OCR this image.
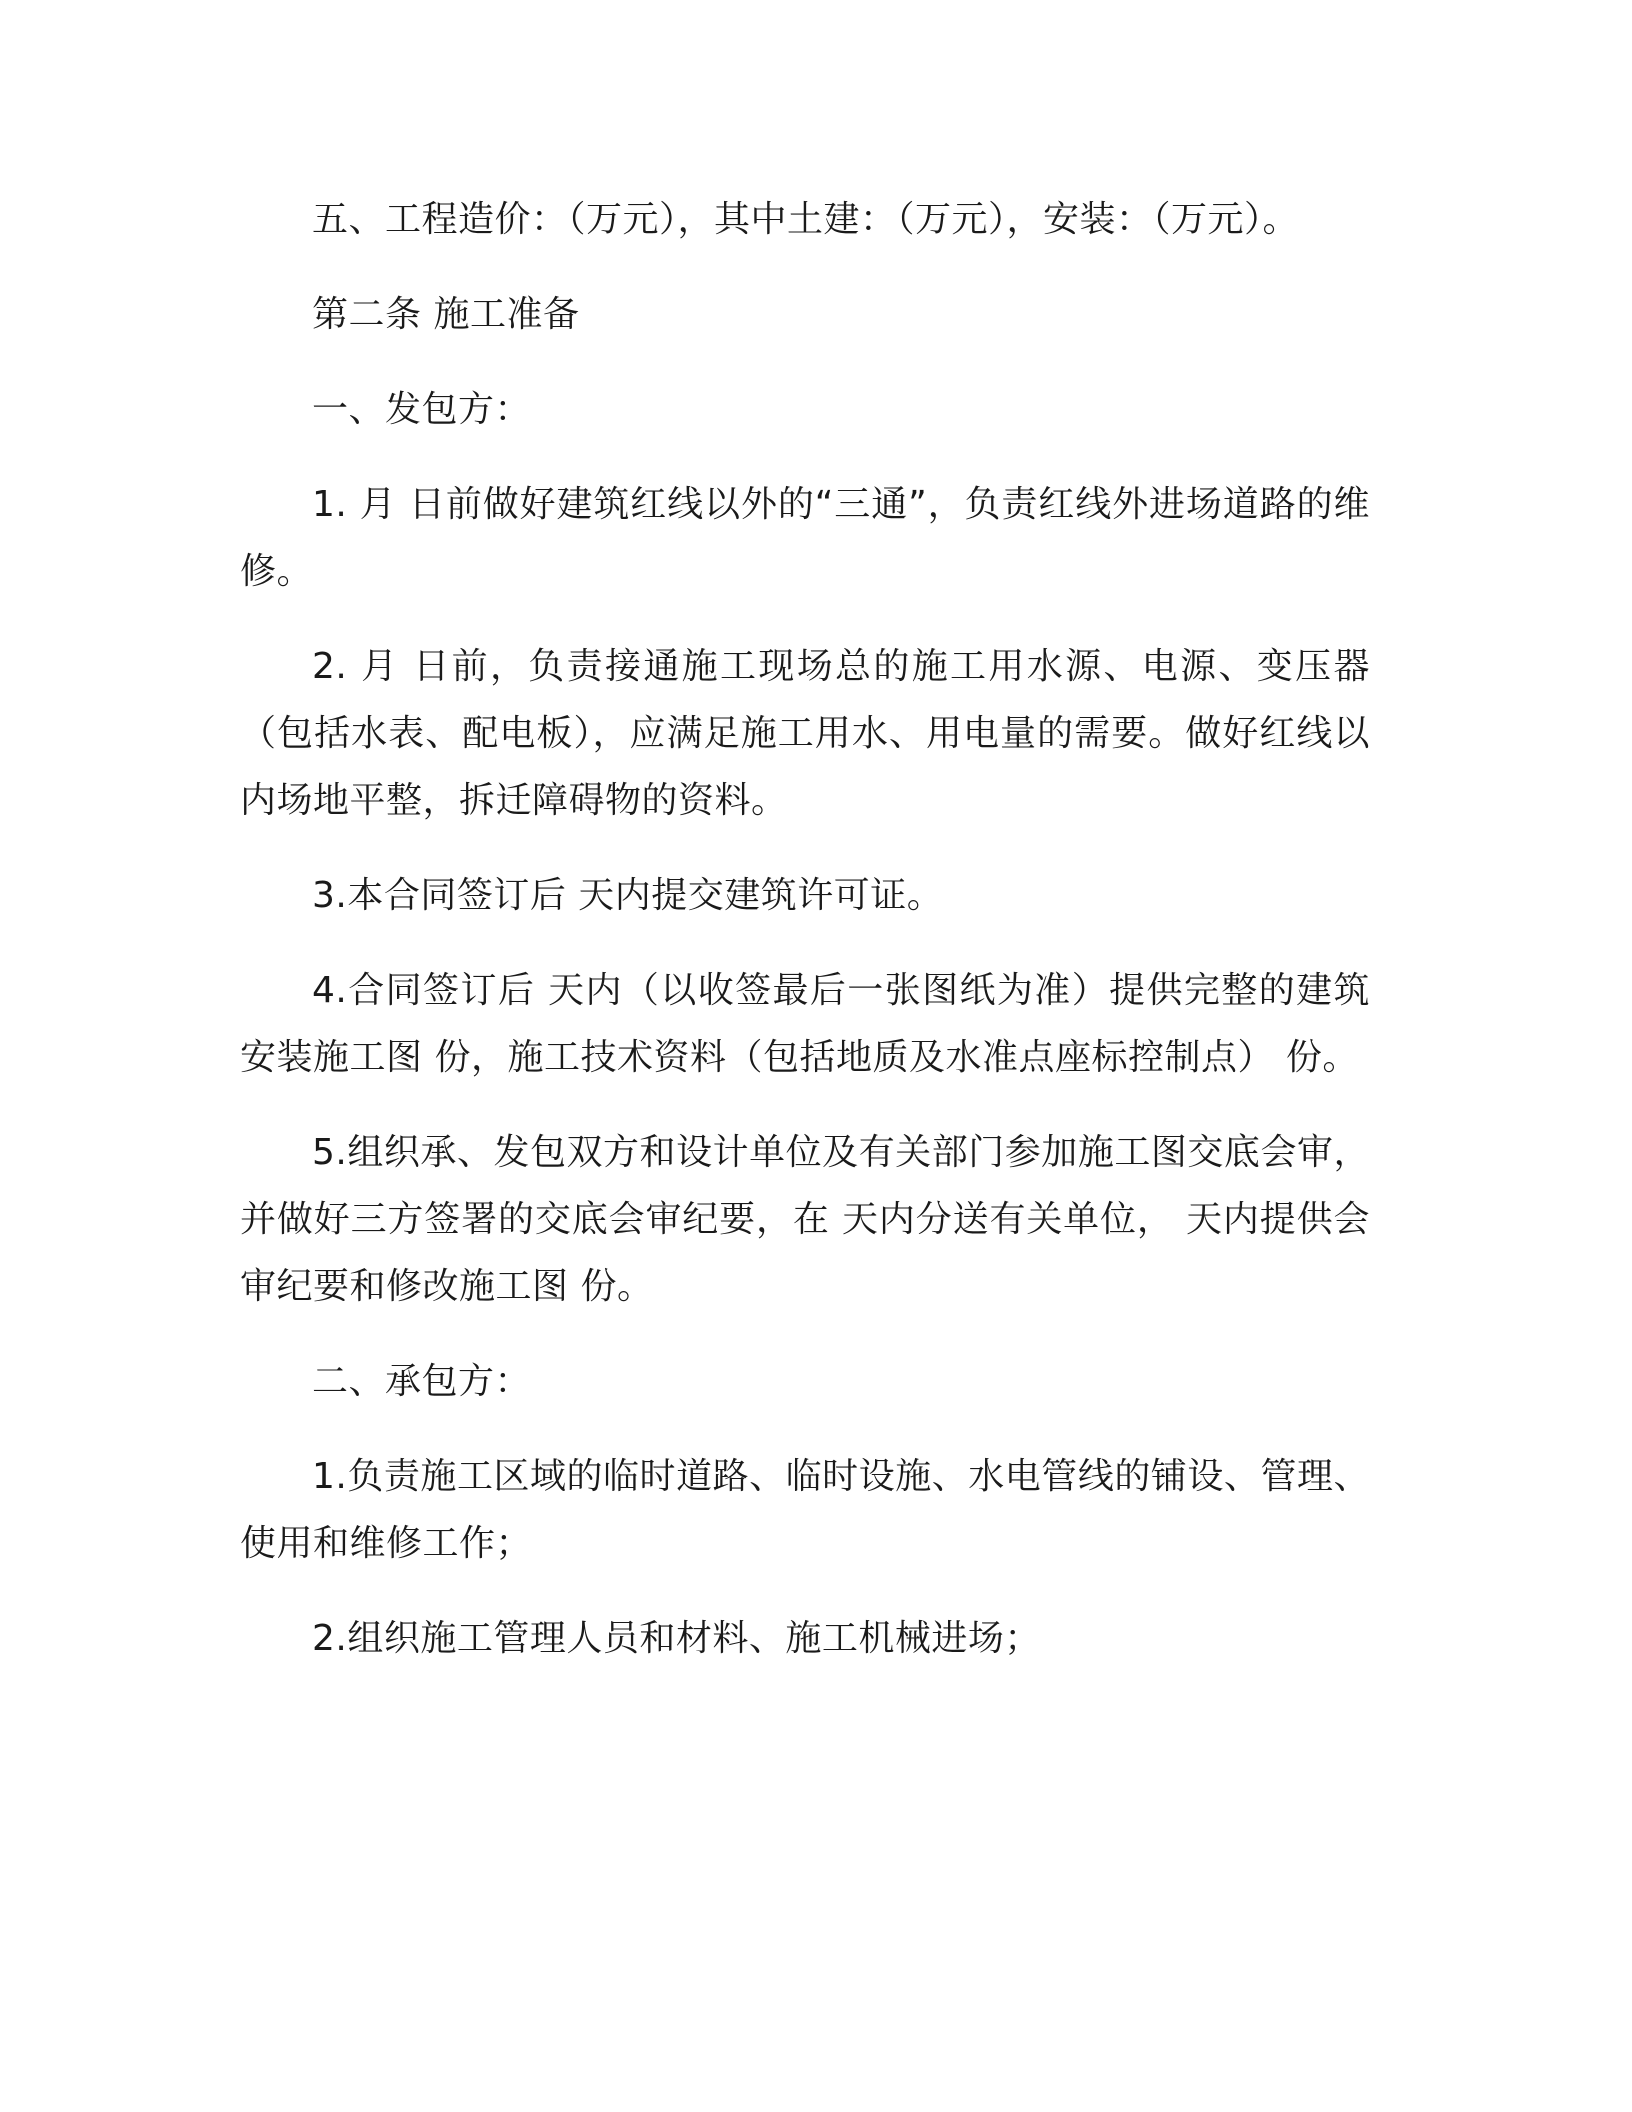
五、工程造价：（万元），其中土建：（万元），安装：（万元）。

第二条 施工准备

一、发包方：

1. 月 日前做好建筑红线以外的“三通”，负责红线外进场道路的维修。

2. 月 日前，负责接通施工现场总的施工用水源、电源、变压器（包括水表、配电板），应满足施工用水、用电量的需要。做好红线以内场地平整，拆迁障碍物的资料。

3.本合同签订后 天内提交建筑许可证。

4.合同签订后 天内（以收签最后一张图纸为准）提供完整的建筑安装施工图 份，施工技术资料（包括地质及水准点座标控制点） 份。

5.组织承、发包双方和设计单位及有关部门参加施工图交底会审，并做好三方签署的交底会审纪要，在 天内分送有关单位， 天内提供会审纪要和修改施工图 份。

二、承包方：

1.负责施工区域的临时道路、临时设施、水电管线的铺设、管理、使用和维修工作；

2.组织施工管理人员和材料、施工机械进场；
